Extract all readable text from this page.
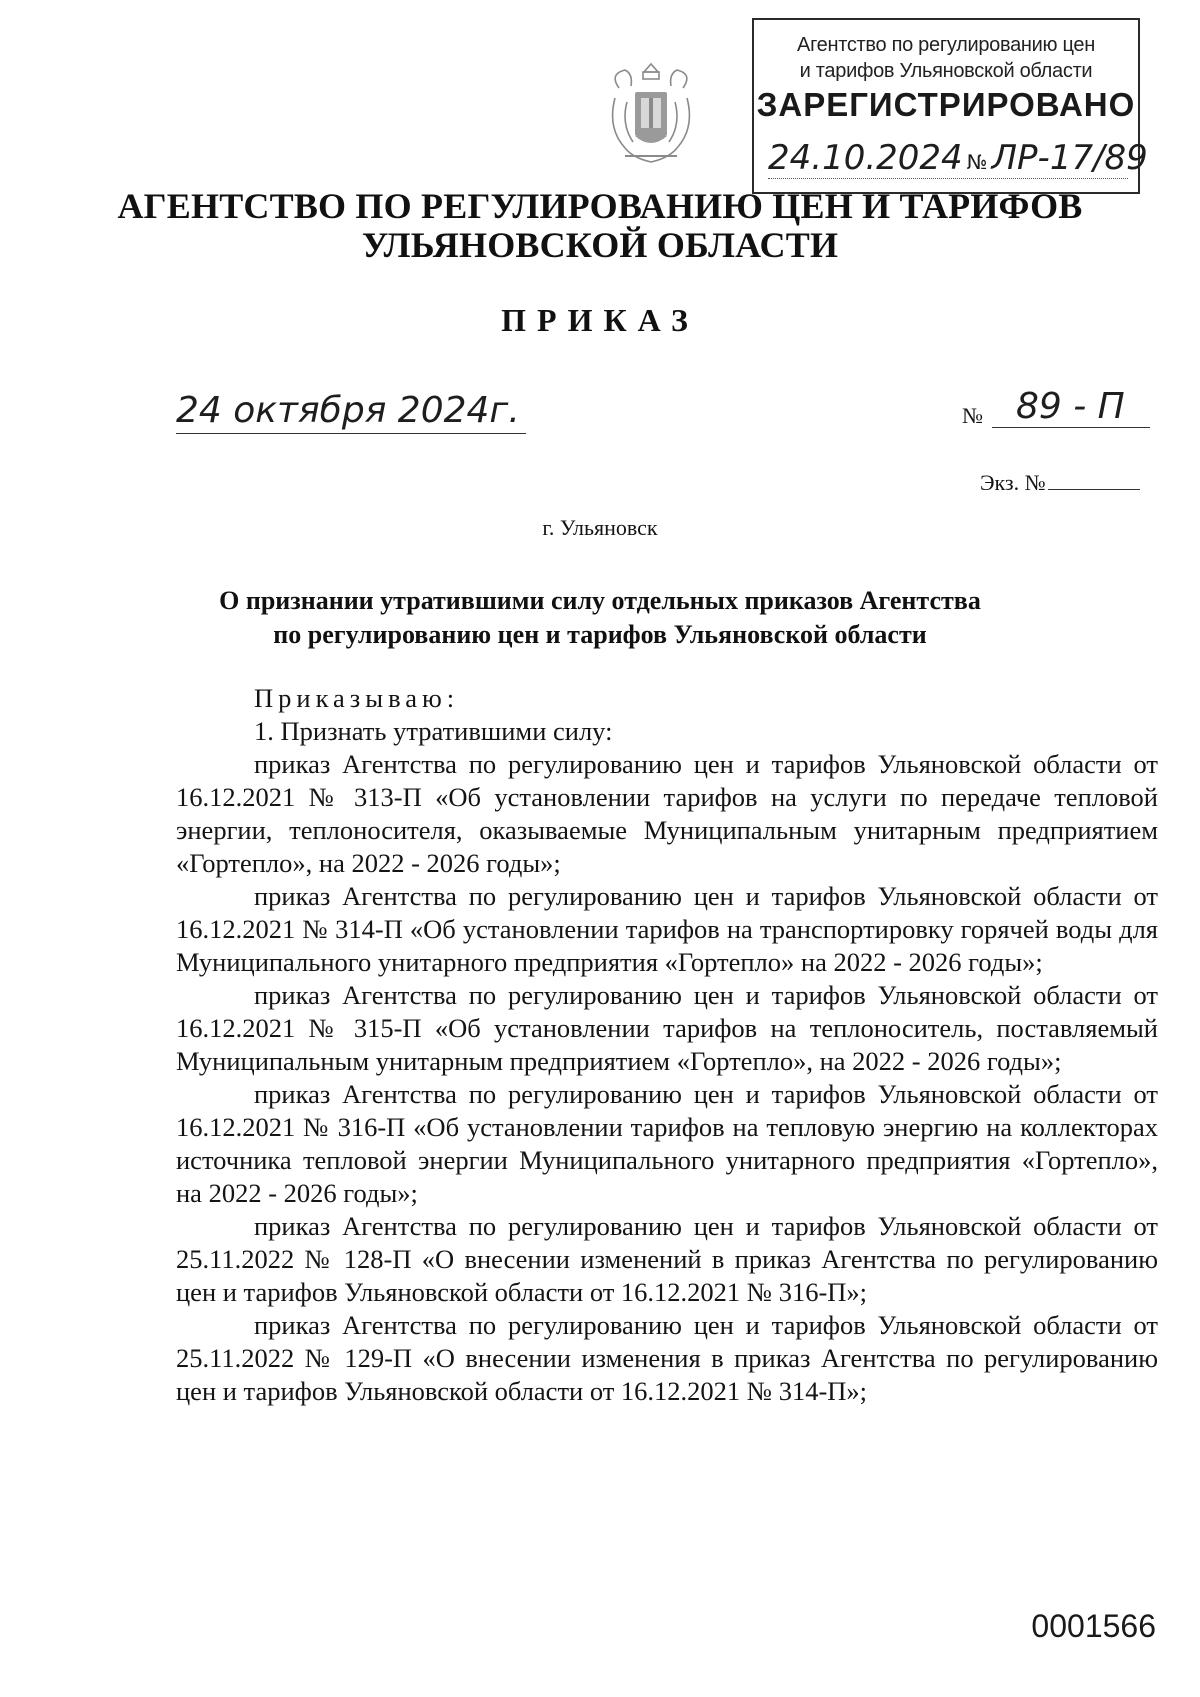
Агентство по регулированию цен
и тарифов Ульяновской области
ЗАРЕГИСТРИРОВАНО
24.10.2024 № ЛР-17/89
АГЕНТСТВО ПО РЕГУЛИРОВАНИЮ ЦЕН И ТАРИФОВ
УЛЬЯНОВСКОЙ ОБЛАСТИ
ПРИКАЗ
24 октября 2024г.	№ 89 - П
Экз. №
г. Ульяновск
О признании утратившими силу отдельных приказов Агентства
по регулированию цен и тарифов Ульяновской области

Приказываю:

1. Признать утратившими силу:

приказ Агентства по регулированию цен и тарифов Ульяновской области от 16.12.2021 № 313-П «Об установлении тарифов на услуги по передаче тепловой энергии, теплоносителя, оказываемые Муниципальным унитарным предприятием «Гортепло», на 2022 - 2026 годы»;

приказ Агентства по регулированию цен и тарифов Ульяновской области от 16.12.2021 № 314-П «Об установлении тарифов на транспортировку горячей воды для Муниципального унитарного предприятия «Гортепло» на 2022 - 2026 годы»;

приказ Агентства по регулированию цен и тарифов Ульяновской области от 16.12.2021 № 315-П «Об установлении тарифов на теплоноситель, поставляемый Муниципальным унитарным предприятием «Гортепло», на 2022 - 2026 годы»;

приказ Агентства по регулированию цен и тарифов Ульяновской области от 16.12.2021 № 316-П «Об установлении тарифов на тепловую энергию на коллекторах источника тепловой энергии Муниципального унитарного предприятия «Гортепло», на 2022 - 2026 годы»;

приказ Агентства по регулированию цен и тарифов Ульяновской области от 25.11.2022 № 128-П «О внесении изменений в приказ Агентства по регулированию цен и тарифов Ульяновской области от 16.12.2021 № 316-П»;

приказ Агентства по регулированию цен и тарифов Ульяновской области от 25.11.2022 № 129-П «О внесении изменения в приказ Агентства по регулированию цен и тарифов Ульяновской области от 16.12.2021 № 314-П»;

0001566
